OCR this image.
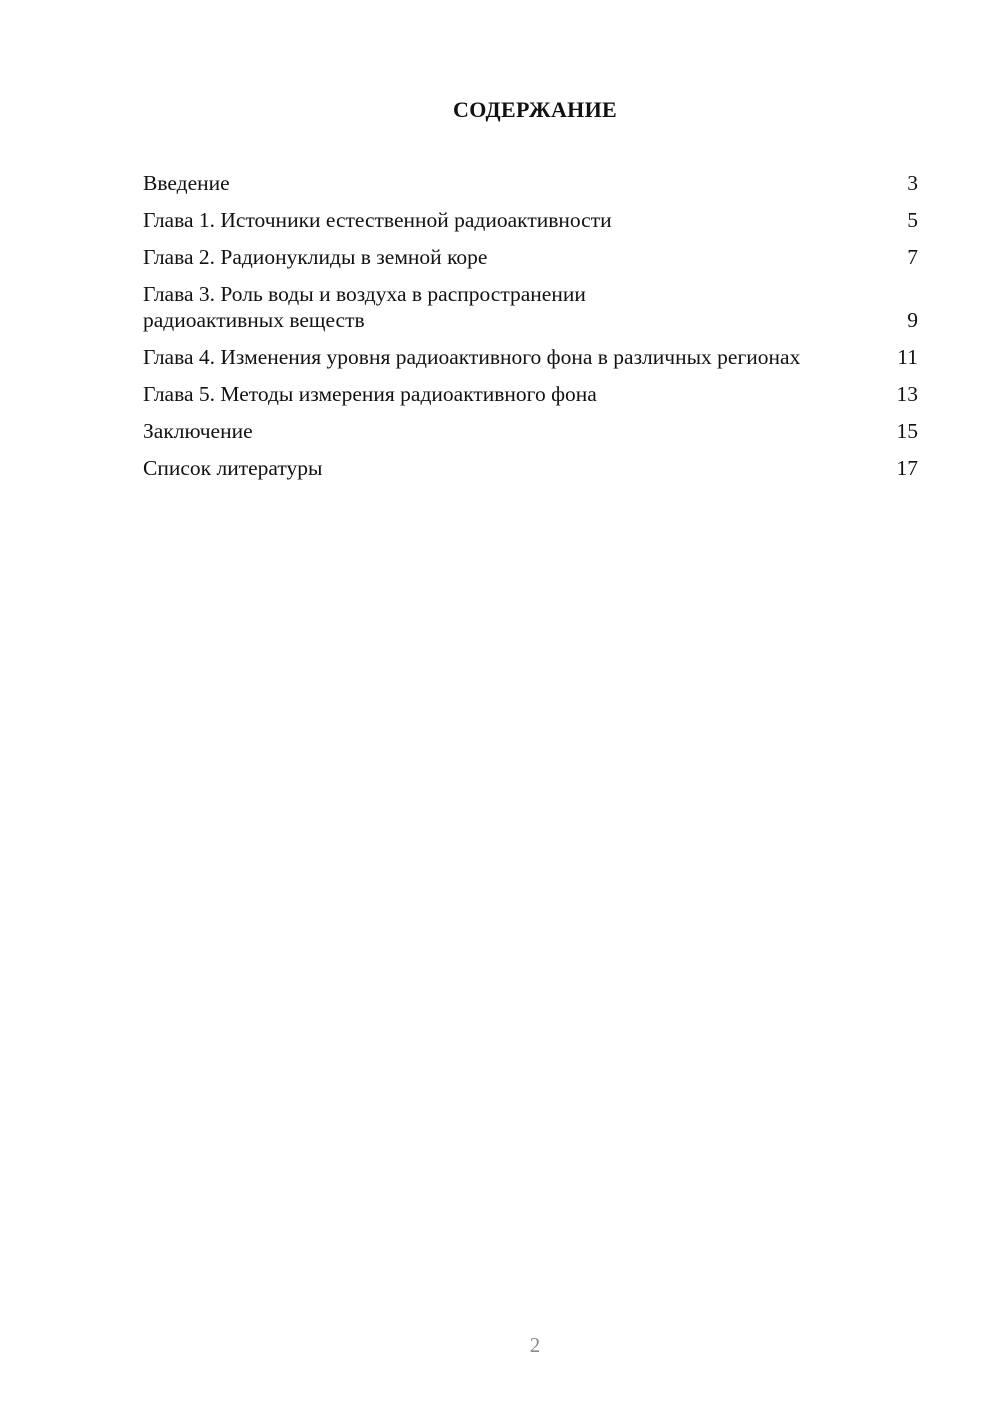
СОДЕРЖАНИЕ
Введение	3
Глава 1. Источники естественной радиоактивности	5
Глава 2. Радионуклиды в земной коре	7
Глава 3. Роль воды и воздуха в распространении радиоактивных веществ	9
Глава 4. Изменения уровня радиоактивного фона в различных регионах	11
Глава 5. Методы измерения радиоактивного фона	13
Заключение	15
Список литературы	17
2
